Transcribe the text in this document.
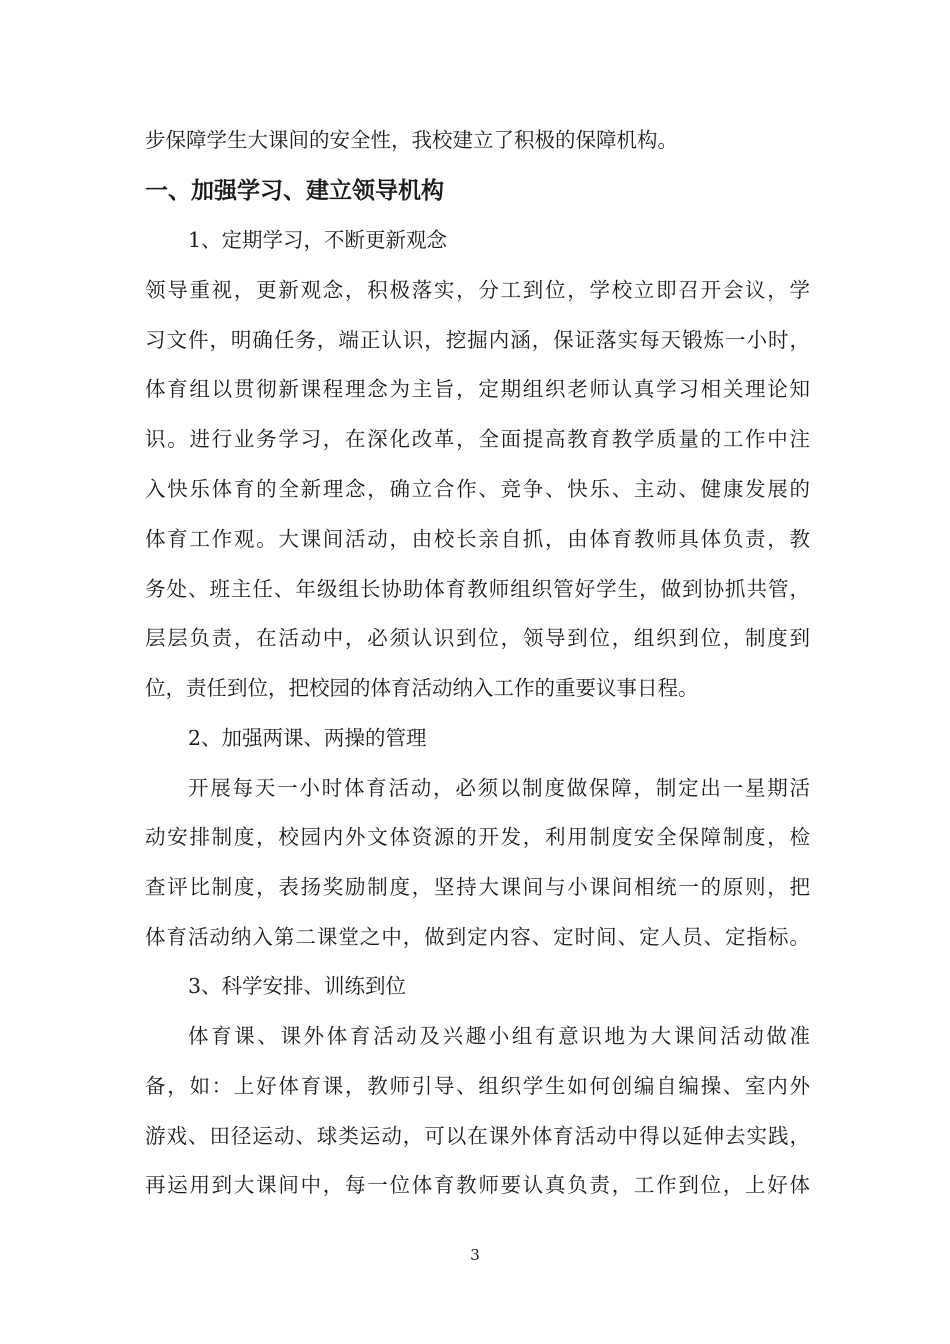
步保障学生大课间的安全性，我校建立了积极的保障机构。
一、加强学习、建立领导机构
1、定期学习，不断更新观念
领导重视，更新观念，积极落实，分工到位，学校立即召开会议，学
习文件，明确任务，端正认识，挖掘内涵，保证落实每天锻炼一小时，
体育组以贯彻新课程理念为主旨，定期组织老师认真学习相关理论知
识。进行业务学习，在深化改革，全面提高教育教学质量的工作中注
入快乐体育的全新理念，确立合作、竞争、快乐、主动、健康发展的
体育工作观。大课间活动，由校长亲自抓，由体育教师具体负责，教
务处、班主任、年级组长协助体育教师组织管好学生，做到协抓共管，
层层负责，在活动中，必须认识到位，领导到位，组织到位，制度到
位，责任到位，把校园的体育活动纳入工作的重要议事日程。
2、加强两课、两操的管理
开展每天一小时体育活动，必须以制度做保障，制定出一星期活
动安排制度，校园内外文体资源的开发，利用制度安全保障制度，检
查评比制度，表扬奖励制度，坚持大课间与小课间相统一的原则，把
体育活动纳入第二课堂之中，做到定内容、定时间、定人员、定指标。
3、科学安排、训练到位
体育课、课外体育活动及兴趣小组有意识地为大课间活动做准
备，如：上好体育课，教师引导、组织学生如何创编自编操、室内外
游戏、田径运动、球类运动，可以在课外体育活动中得以延伸去实践，
再运用到大课间中，每一位体育教师要认真负责，工作到位，上好体
3
